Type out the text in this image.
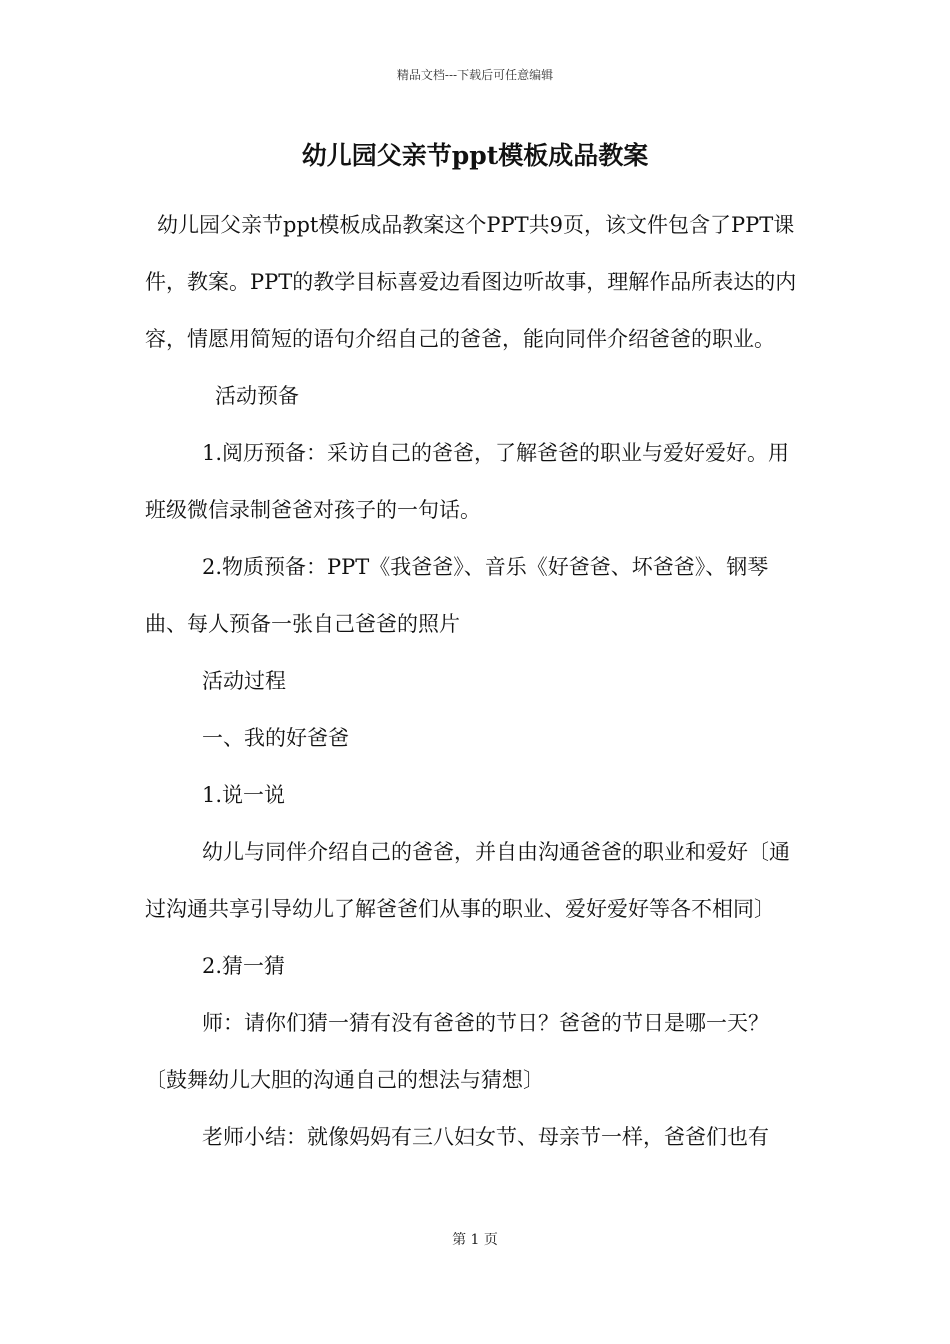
精品文档---下载后可任意编辑
幼儿园父亲节ppt模板成品教案

幼儿园父亲节ppt模板成品教案这个PPT共9页，该文件包含了PPT课件，教案。PPT的教学目标喜爱边看图边听故事，理解作品所表达的内容，情愿用简短的语句介绍自己的爸爸，能向同伴介绍爸爸的职业。活动预备

1.阅历预备：采访自己的爸爸，了解爸爸的职业与爱好爱好。用班级微信录制爸爸对孩子的一句话。

2.物质预备：PPT《我爸爸》、音乐《好爸爸、坏爸爸》、钢琴曲、每人预备一张自己爸爸的照片

活动过程

一、我的好爸爸

1.说一说

幼儿与同伴介绍自己的爸爸，并自由沟通爸爸的职业和爱好〔通过沟通共享引导幼儿了解爸爸们从事的职业、爱好爱好等各不相同〕

2.猜一猜

师：请你们猜一猜有没有爸爸的节日？爸爸的节日是哪一天？〔鼓舞幼儿大胆的沟通自己的想法与猜想〕

老师小结：就像妈妈有三八妇女节、母亲节一样，爸爸们也有

第 1 页
